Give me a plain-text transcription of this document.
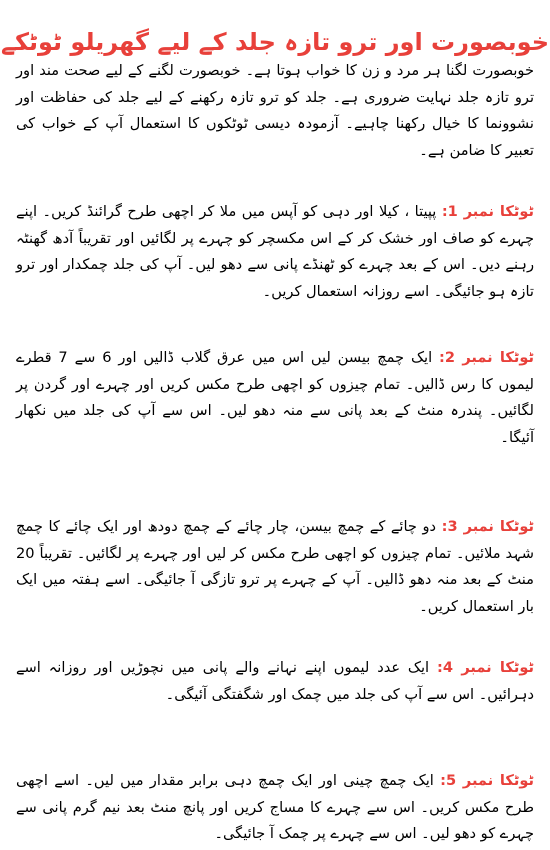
خوبصورت اور ترو تازہ جلد کے لیے گھریلو ٹوٹکے

خوبصورت لگنا ہر مرد و زن کا خواب ہوتا ہے۔ خوبصورت لگنے کے لیے صحت مند اور ترو تازہ جلد نہایت ضروری ہے۔ جلد کو ترو تازہ رکھنے کے لیے جلد کی حفاظت اور نشوونما کا خیال رکھنا چاہیے۔ آزمودہ دیسی ٹوٹکوں کا استعمال آپ کے خواب کی تعبیر کا ضامن ہے۔

ٹوٹکا نمبر 1: پپیتا ، کیلا اور دہی کو آپس میں ملا کر اچھی طرح گرائنڈ کریں۔ اپنے چہرے کو صاف اور خشک کر کے اس مکسچر کو چہرے پر لگائیں اور تقریباً آدھ گھنٹہ رہنے دیں۔ اس کے بعد چہرے کو ٹھنڈے پانی سے دھو لیں۔ آپ کی جلد چمکدار اور ترو تازہ ہو جائیگی۔ اسے روزانہ استعمال کریں۔

ٹوٹکا نمبر 2: ایک چمچ بیسن لیں اس میں عرق گلاب ڈالیں اور 6 سے 7 قطرے لیموں کا رس ڈالیں۔ تمام چیزوں کو اچھی طرح مکس کریں اور چہرے اور گردن پر لگائیں۔ پندرہ منٹ کے بعد پانی سے منہ دھو لیں۔ اس سے آپ کی جلد میں نکھار آئیگا۔

ٹوٹکا نمبر 3: دو چائے کے چمچ بیسن، چار چائے کے چمچ دودھ اور ایک چائے کا چمچ شہد ملائیں۔ تمام چیزوں کو اچھی طرح مکس کر لیں اور چہرے پر لگائیں۔ تقریباً 20 منٹ کے بعد منہ دھو ڈالیں۔ آپ کے چہرے پر ترو تازگی آ جائیگی۔ اسے ہفتہ میں ایک بار استعمال کریں۔

ٹوٹکا نمبر 4: ایک عدد لیموں اپنے نہانے والے پانی میں نچوڑیں اور روزانہ اسے دہرائیں۔ اس سے آپ کی جلد میں چمک اور شگفتگی آئیگی۔

ٹوٹکا نمبر 5: ایک چمچ چینی اور ایک چمچ دہی برابر مقدار میں لیں۔ اسے اچھی طرح مکس کریں۔ اس سے چہرے کا مساج کریں اور پانچ منٹ بعد نیم گرم پانی سے چہرے کو دھو لیں۔ اس سے چہرے پر چمک آ جائیگی۔
